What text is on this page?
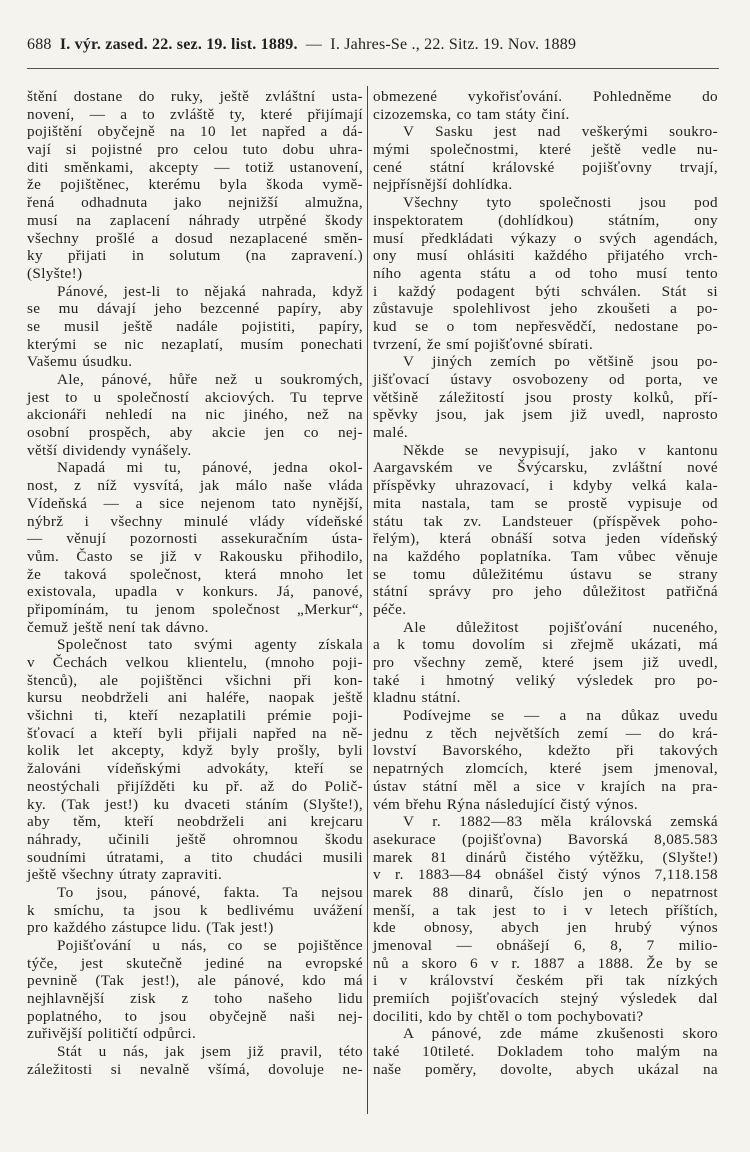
688 I. výr. zased. 22. sez. 19. list. 1889. — I. Jahres-Se ., 22. Sitz. 19. Nov. 1889
štění dostane do ruky, ještě zvláštní usta-
novení, — a to zvláště ty, které přijímají
pojištění obyčejně na 10 let napřed a dá-
vají si pojistné pro celou tuto dobu uhra-
diti směnkami, akcepty — totiž ustanovení,
že pojištěnec, kterému byla škoda vymě-
řená odhadnuta jako nejnižší almužna,
musí na zaplacení náhrady utrpěné škody
všechny prošlé a dosud nezaplacené směn-
ky přijati in solutum (na zapravení.)
(Slyšte!)
Pánové, jest-li to nějaká nahrada, když
se mu dávají jeho bezcenné papíry, aby
se musil ještě nadále pojistiti, papíry,
kterými se nic nezaplatí, musím ponechati
Vašemu úsudku.
Ale, pánové, hůře než u soukromých,
jest to u společností akciových. Tu teprve
akcionáři nehledí na nic jiného, než na
osobní prospěch, aby akcie jen co nej-
větší dividendy vynášely.
Napadá mi tu, pánové, jedna okol-
nost, z níž vysvítá, jak málo naše vláda
Vídeňská — a sice nejenom tato nynější,
nýbrž i všechny minulé vlády vídeňské
— věnují pozornosti assekuračním ústa-
vům. Často se již v Rakousku přihodilo,
že taková společnost, která mnoho let
existovala, upadla v konkurs. Já, panové,
připomínám, tu jenom společnost „Merkur“,
čemuž ještě není tak dávno.
Společnost tato svými agenty získala
v Čechách velkou klientelu, (mnoho poji-
štenců), ale pojištěnci všichni při kon-
kursu neobdrželi ani haléře, naopak ještě
všichni ti, kteří nezaplatili prémie poji-
šťovací a kteří byli přijali napřed na ně-
kolik let akcepty, když byly prošly, byli
žalováni vídeňskými advokáty, kteří se
neostýchali přijížděti ku př. až do Polič-
ky. (Tak jest!) ku dvaceti stáním (Slyšte!),
aby těm, kteří neobdrželi ani krejcaru
náhrady, učinili ještě ohromnou škodu
soudními útratami, a tito chudáci musili
ještě všechny útraty zapraviti.
To jsou, pánové, fakta. Ta nejsou
k smíchu, ta jsou k bedlivému uvážení
pro každého zástupce lidu. (Tak jest!)
Pojišťování u nás, co se pojištěnce
týče, jest skutečně jediné na evropské
pevnině (Tak jest!), ale pánové, kdo má
nejhlavnější zisk z toho našeho lidu
poplatného, to jsou obyčejně naši nej-
zuřivější političtí odpůrci.
Stát u nás, jak jsem již pravil, této
záležitosti si nevalně všímá, dovoluje ne-
obmezené vykořisťování. Pohledněme do
cizozemska, co tam státy činí.
V Sasku jest nad veškerými soukro-
mými společnostmi, které ještě vedle nu-
cené státní královské pojišťovny trvají,
nejpřísnější dohlídka.
Všechny tyto společnosti jsou pod
inspektoratem (dohlídkou) státním, ony
musí předkládati výkazy o svých agendách,
ony musí ohlásiti každého přijatého vrch-
ního agenta státu a od toho musí tento
i každý podagent býti schválen. Stát si
zůstavuje spolehlivost jeho zkoušeti a po-
kud se o tom nepřesvědčí, nedostane po-
tvrzení, že smí pojišťovné sbírati.
V jiných zemích po většině jsou po-
jišťovací ústavy osvobozeny od porta, ve
většině záležitostí jsou prosty kolků, pří-
spěvky jsou, jak jsem již uvedl, naprosto
malé.
Někde se nevypisují, jako v kantonu
Aargavském ve Švýcarsku, zvláštní nové
příspěvky uhrazovací, i kdyby velká kala-
mita nastala, tam se prostě vypisuje od
státu tak zv. Landsteuer (příspěvek poho-
řelým), která obnáší sotva jeden vídeňský
na každého poplatníka. Tam vůbec věnuje
se tomu důležitému ústavu se strany
státní správy pro jeho důležitost patřičná
péče.
Ale důležitost pojišťování nuceného,
a k tomu dovolím si zřejmě ukázati, má
pro všechny země, které jsem již uvedl,
také i hmotný veliký výsledek pro po-
kladnu státní.
Podívejme se — a na důkaz uvedu
jednu z těch největších zemí — do krá-
lovství Bavorského, kdežto při takových
nepatrných zlomcích, které jsem jmenoval,
ústav státní měl a sice v krajích na pra-
vém břehu Rýna následující čistý výnos.
V r. 1882—83 měla královská zemská
asekurace (pojišťovna) Bavorská 8,085.583
marek 81 dinárů čistého výtěžku, (Slyšte!)
v r. 1883—84 obnášel čistý výnos 7,118.158
marek 88 dinarů, číslo jen o nepatrnost
menší, a tak jest to i v letech příštích,
kde obnosy, abych jen hrubý výnos
jmenoval — obnášejí 6, 8, 7 milio-
nů a skoro 6 v r. 1887 a 1888. Že by se
i v království českém při tak nízkých
premiích pojišťovacích stejný výsledek dal
dociliti, kdo by chtěl o tom pochybovati?
A pánové, zde máme zkušenosti skoro
také 10tileté. Dokladem toho malým na
naše poměry, dovolte, abych ukázal na
